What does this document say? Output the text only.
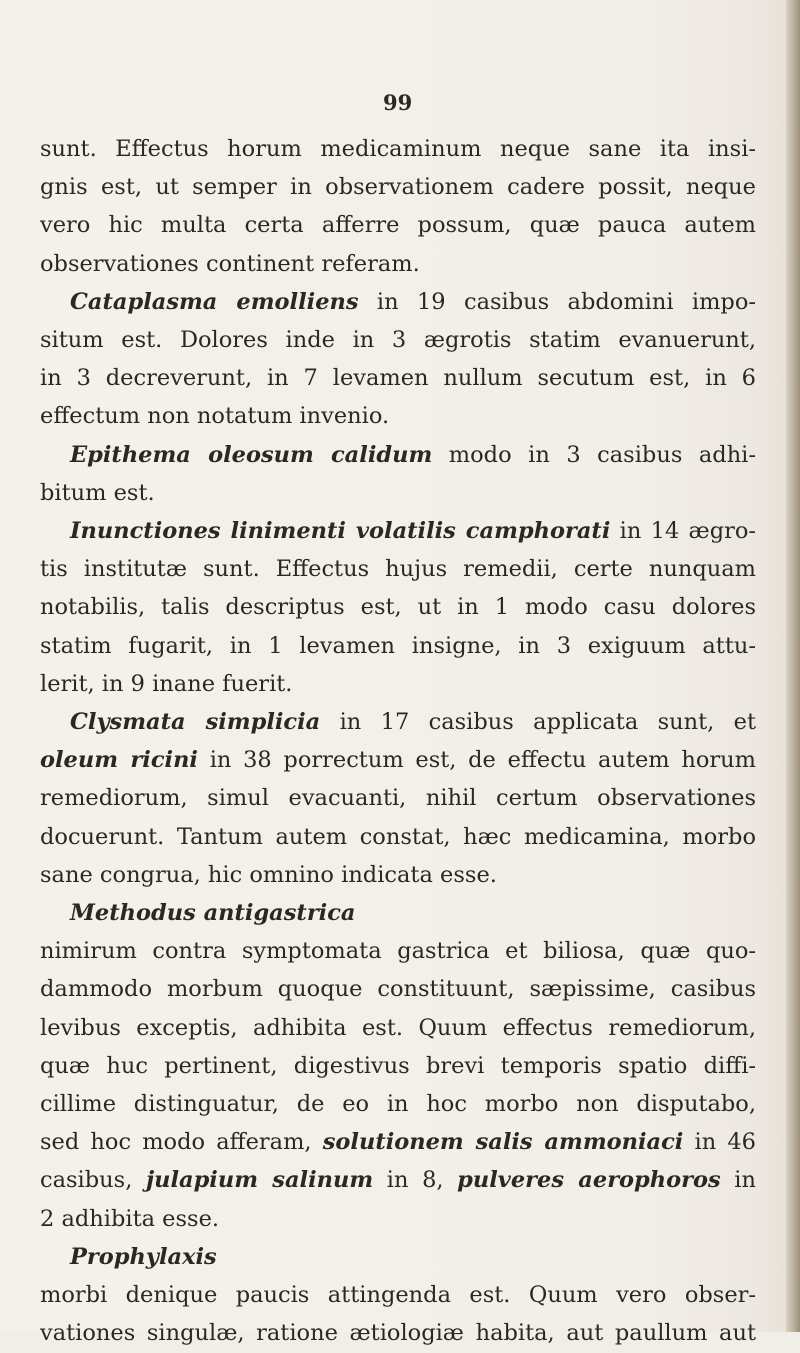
99
sunt. Effectus horum medicaminum neque sane ita insi-
gnis est, ut semper in observationem cadere possit, neque
vero hic multa certa afferre possum, quæ pauca autem
observationes continent referam.
Cataplasma emolliens in 19 casibus abdomini impo-
situm est. Dolores inde in 3 ægrotis statim evanuerunt,
in 3 decreverunt, in 7 levamen nullum secutum est, in 6
effectum non notatum invenio.
Epithema oleosum calidum modo in 3 casibus adhi-
bitum est.
Inunctiones linimenti volatilis camphorati in 14 ægro-
tis institutæ sunt. Effectus hujus remedii, certe nunquam
notabilis, talis descriptus est, ut in 1 modo casu dolores
statim fugarit, in 1 levamen insigne, in 3 exiguum attu-
lerit, in 9 inane fuerit.
Clysmata simplicia in 17 casibus applicata sunt, et
oleum ricini in 38 porrectum est, de effectu autem horum
remediorum, simul evacuanti, nihil certum observationes
docuerunt. Tantum autem constat, hæc medicamina, morbo
sane congrua, hic omnino indicata esse.
Methodus antigastrica
nimirum contra symptomata gastrica et biliosa, quæ quo-
dammodo morbum quoque constituunt, sæpissime, casibus
levibus exceptis, adhibita est. Quum effectus remediorum,
quæ huc pertinent, digestivus brevi temporis spatio diffi-
cillime distinguatur, de eo in hoc morbo non disputabo,
sed hoc modo afferam, solutionem salis ammoniaci in 46
casibus, julapium salinum in 8, pulveres aerophoros in
2 adhibita esse.
Prophylaxis
morbi denique paucis attingenda est. Quum vero obser-
vationes singulæ, ratione ætiologiæ habita, aut paullum aut
